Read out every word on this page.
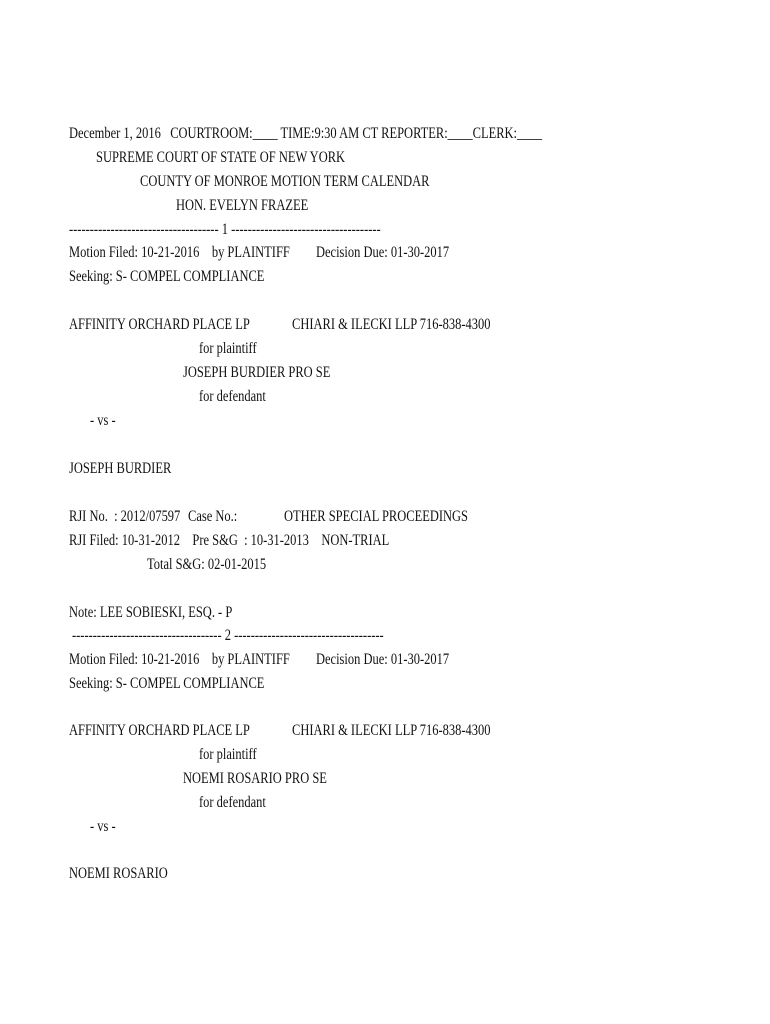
December 1, 2016   COURTROOM:____ TIME:9:30 AM CT REPORTER:____CLERK:____
SUPREME COURT OF STATE OF NEW YORK
COUNTY OF MONROE MOTION TERM CALENDAR
HON. EVELYN FRAZEE
------------------------------------ 1 ------------------------------------
Motion Filed: 10-21-2016    by PLAINTIFF Decision Due: 01-30-2017
Seeking: S- COMPEL COMPLIANCE
AFFINITY ORCHARD PLACE LP	CHIARI & ILECKI LLP 716-838-4300
for plaintiff
JOSEPH BURDIER PRO SE
for defendant
- vs -
JOSEPH BURDIER
RJI No.  : 2012/07597 Case No.:	OTHER SPECIAL PROCEEDINGS
RJI Filed: 10-31-2012    Pre S&G  : 10-31-2013    NON-TRIAL
Total S&G: 02-01-2015
Note: LEE SOBIESKI, ESQ. - P
------------------------------------ 2 ------------------------------------
Motion Filed: 10-21-2016    by PLAINTIFF Decision Due: 01-30-2017
Seeking: S- COMPEL COMPLIANCE
AFFINITY ORCHARD PLACE LP	CHIARI & ILECKI LLP 716-838-4300
for plaintiff
NOEMI ROSARIO PRO SE
for defendant
- vs -
NOEMI ROSARIO
